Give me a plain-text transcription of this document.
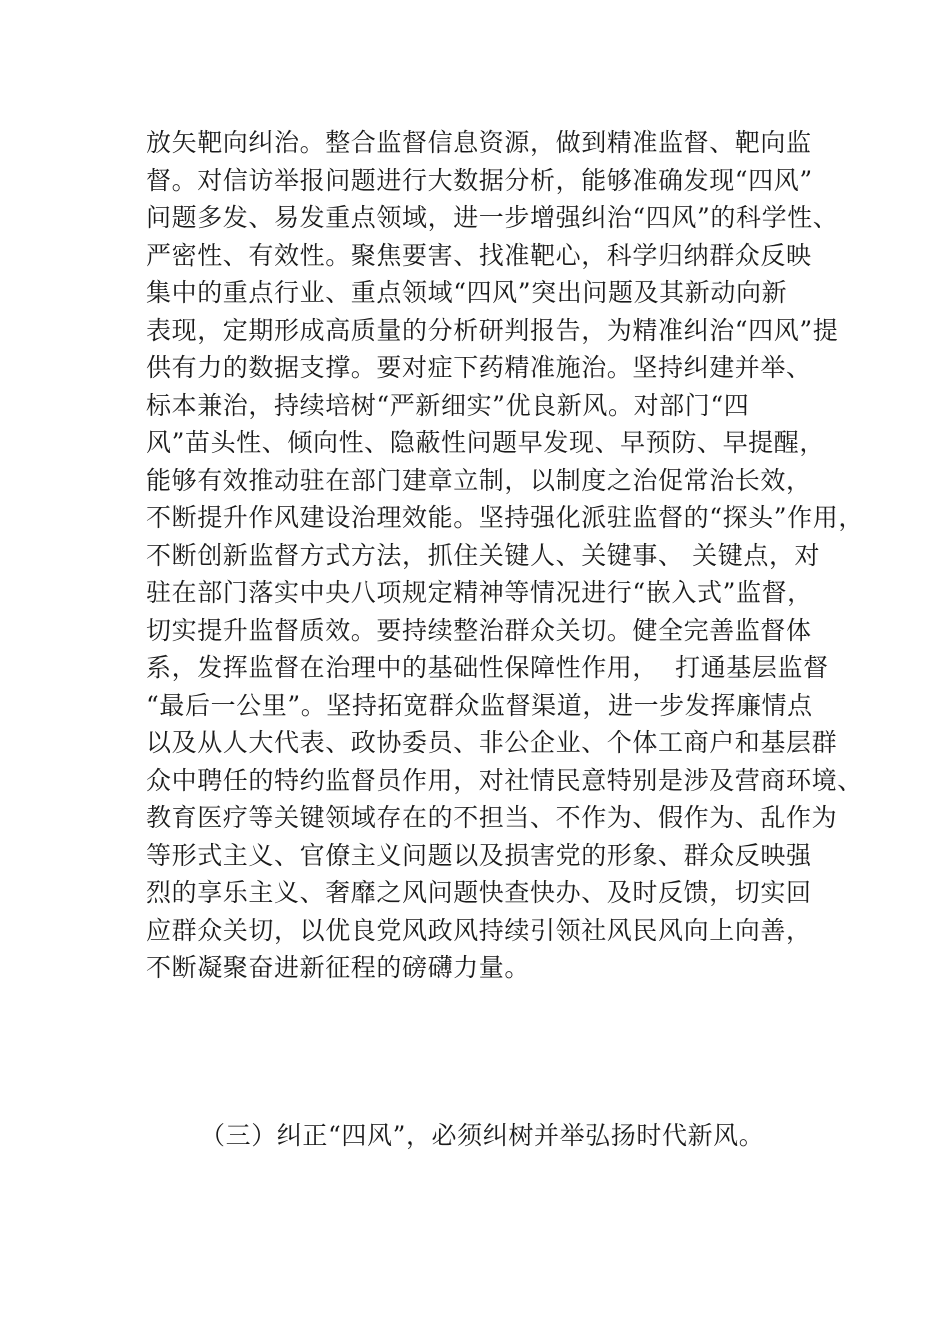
放矢靶向纠治。整合监督信息资源，做到精准监督、靶向监
督。对信访举报问题进行大数据分析，能够准确发现“四风”
问题多发、易发重点领域，进一步增强纠治“四风”的科学性、
严密性、有效性。聚焦要害、找准靶心，科学归纳群众反映
集中的重点行业、重点领域“四风”突出问题及其新动向新
表现，定期形成高质量的分析研判报告，为精准纠治“四风”提
供有力的数据支撑。要对症下药精准施治。坚持纠建并举、
标本兼治，持续培树“严新细实”优良新风。对部门“四
风”苗头性、倾向性、隐蔽性问题早发现、早预防、早提醒，
能够有效推动驻在部门建章立制，以制度之治促常治长效，
不断提升作风建设治理效能。坚持强化派驻监督的“探头”作用，
不断创新监督方式方法，抓住关键人、关键事、 关键点，对
驻在部门落实中央八项规定精神等情况进行“嵌入式”监督，
切实提升监督质效。要持续整治群众关切。健全完善监督体
系，发挥监督在治理中的基础性保障性作用，  打通基层监督
“最后一公里”。坚持拓宽群众监督渠道，进一步发挥廉情点
以及从人大代表、政协委员、非公企业、个体工商户和基层群
众中聘任的特约监督员作用，对社情民意特别是涉及营商环境、
教育医疗等关键领域存在的不担当、不作为、假作为、乱作为
等形式主义、官僚主义问题以及损害党的形象、群众反映强
烈的享乐主义、奢靡之风问题快查快办、及时反馈，切实回
应群众关切，以优良党风政风持续引领社风民风向上向善，
不断凝聚奋进新征程的磅礴力量。
（三）纠正“四风”，必须纠树并举弘扬时代新风。
